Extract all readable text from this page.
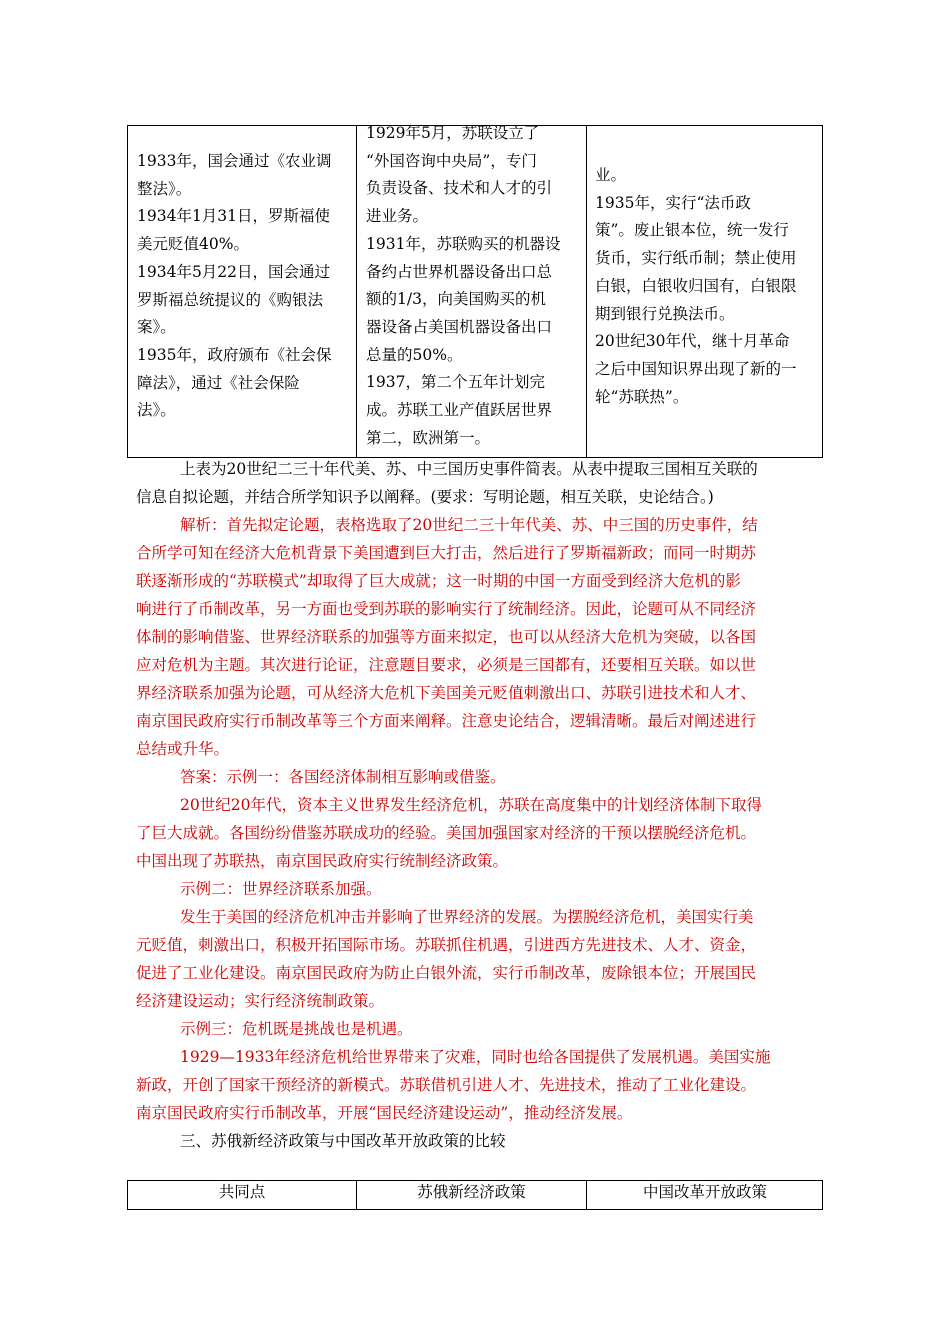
1933年，国会通过《农业调
整法》。
1934年1月31日，罗斯福使
美元贬值40%。
1934年5月22日，国会通过
罗斯福总统提议的《购银法
案》。
1935年，政府颁布《社会保
障法》，通过《社会保险
法》。
1929年5月，苏联设立了
“外国咨询中央局”，专门
负责设备、技术和人才的引
进业务。
1931年，苏联购买的机器设
备约占世界机器设备出口总
额的1/3，向美国购买的机
器设备占美国机器设备出口
总量的50%。
1937，第二个五年计划完
成。苏联工业产值跃居世界
第二，欧洲第一。
业。
1935年，实行“法币政
策”。废止银本位，统一发行
货币，实行纸币制；禁止使用
白银，白银收归国有，白银限
期到银行兑换法币。
20世纪30年代，继十月革命
之后中国知识界出现了新的一
轮“苏联热”。
上表为20世纪二三十年代美、苏、中三国历史事件简表。从表中提取三国相互关联的
信息自拟论题，并结合所学知识予以阐释。(要求：写明论题，相互关联，史论结合。)
解析：首先拟定论题，表格选取了20世纪二三十年代美、苏、中三国的历史事件，结
合所学可知在经济大危机背景下美国遭到巨大打击，然后进行了罗斯福新政；而同一时期苏
联逐渐形成的“苏联模式”却取得了巨大成就；这一时期的中国一方面受到经济大危机的影
响进行了币制改革，另一方面也受到苏联的影响实行了统制经济。因此，论题可从不同经济
体制的影响借鉴、世界经济联系的加强等方面来拟定，也可以从经济大危机为突破，以各国
应对危机为主题。其次进行论证，注意题目要求，必须是三国都有，还要相互关联。如以世
界经济联系加强为论题，可从经济大危机下美国美元贬值刺激出口、苏联引进技术和人才、
南京国民政府实行币制改革等三个方面来阐释。注意史论结合，逻辑清晰。最后对阐述进行
总结或升华。
答案：示例一：各国经济体制相互影响或借鉴。
20世纪20年代，资本主义世界发生经济危机，苏联在高度集中的计划经济体制下取得
了巨大成就。各国纷纷借鉴苏联成功的经验。美国加强国家对经济的干预以摆脱经济危机。
中国出现了苏联热，南京国民政府实行统制经济政策。
示例二：世界经济联系加强。
发生于美国的经济危机冲击并影响了世界经济的发展。为摆脱经济危机，美国实行美
元贬值，刺激出口，积极开拓国际市场。苏联抓住机遇，引进西方先进技术、人才、资金，
促进了工业化建设。南京国民政府为防止白银外流，实行币制改革，废除银本位；开展国民
经济建设运动；实行经济统制政策。
示例三：危机既是挑战也是机遇。
1929—1933年经济危机给世界带来了灾难，同时也给各国提供了发展机遇。美国实施
新政，开创了国家干预经济的新模式。苏联借机引进人才、先进技术，推动了工业化建设。
南京国民政府实行币制改革，开展“国民经济建设运动”，推动经济发展。
三、苏俄新经济政策与中国改革开放政策的比较
共同点	苏俄新经济政策	中国改革开放政策
